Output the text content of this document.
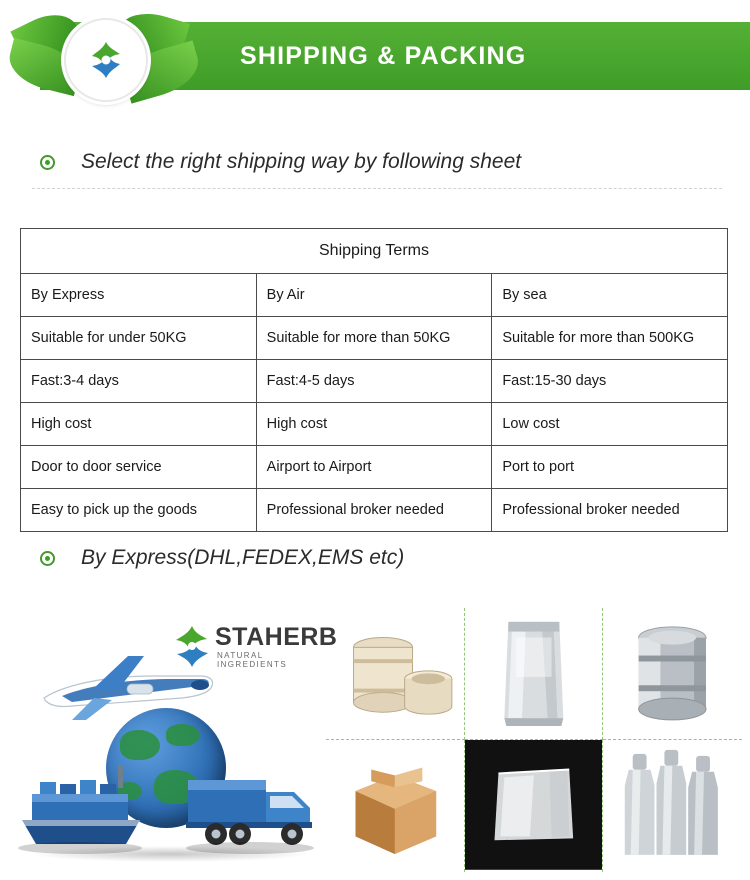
SHIPPING & PACKING
Select the right shipping way by following sheet
Shipping Terms		
By Express	By Air	By sea
Suitable for under 50KG	Suitable for more than 50KG	Suitable for more than 500KG
Fast:3-4 days	Fast:4-5 days	Fast:15-30 days
High cost	High cost	Low cost
Door to door service	Airport to Airport	Port to port
Easy to pick up the goods	Professional broker needed	Professional broker needed
By Express(DHL,FEDEX,EMS etc)
STAHERB
NATURAL INGREDIENTS
